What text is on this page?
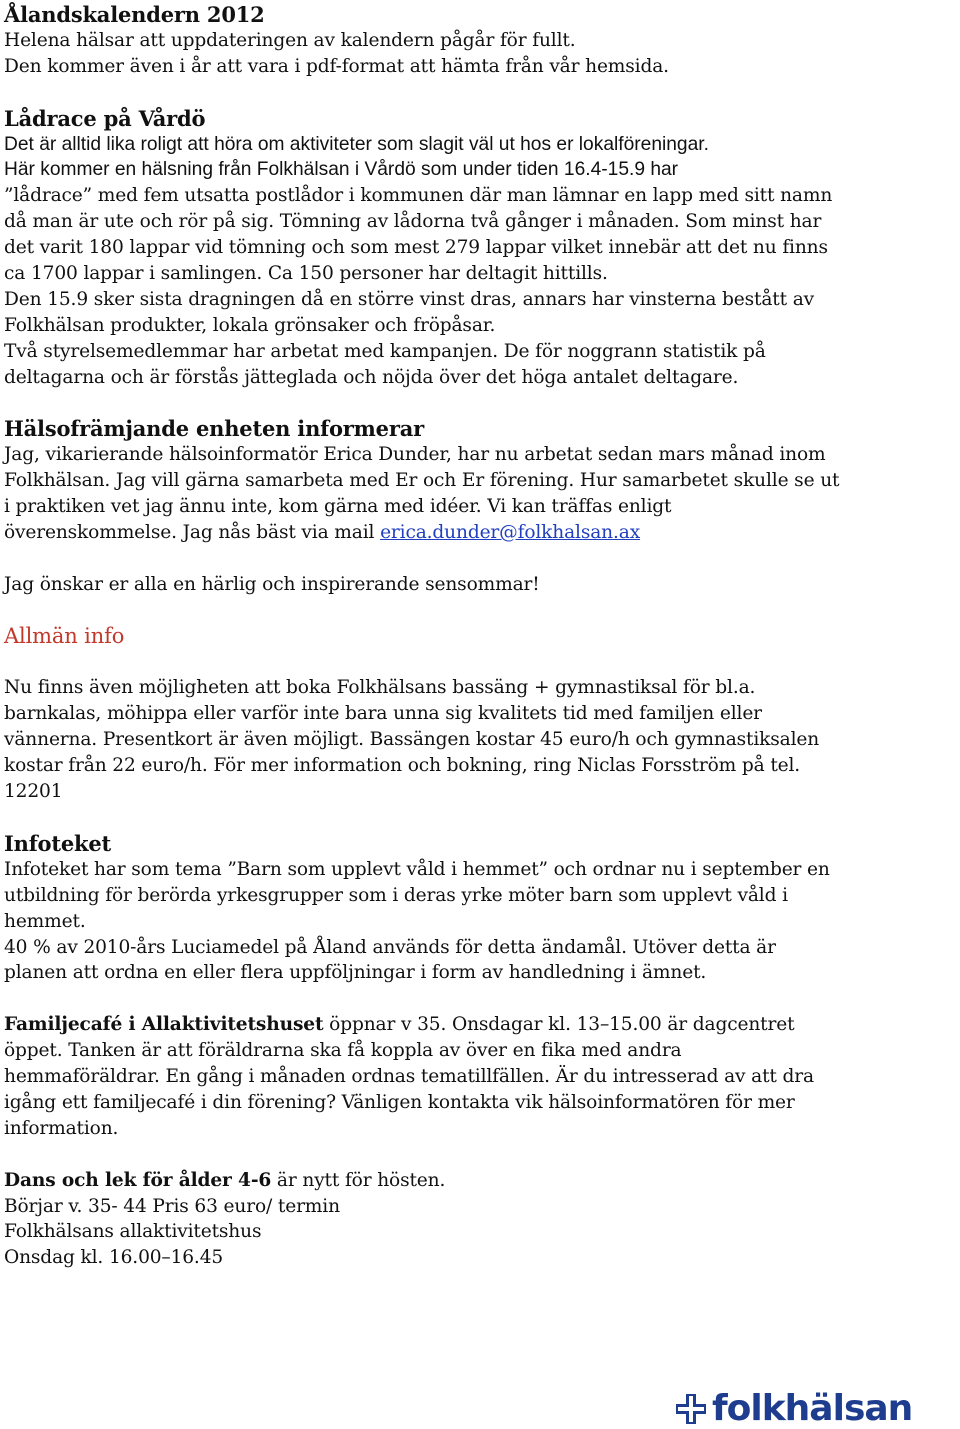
Ålandskalendern 2012
Helena hälsar att uppdateringen av kalendern pågår för fullt.
Den kommer även i år att vara i pdf-format att hämta från vår hemsida.
Lådrace på Vårdö
Det är alltid lika roligt att höra om aktiviteter som slagit väl ut hos er lokalföreningar.
Här kommer en hälsning från Folkhälsan i Vårdö som under tiden 16.4-15.9 har
”lådrace” med fem utsatta postlådor i kommunen där man lämnar en lapp med sitt namn
då man är ute och rör på sig. Tömning av lådorna två gånger i månaden. Som minst har
det varit 180 lappar vid tömning och som mest 279 lappar vilket innebär att det nu finns
ca 1700 lappar i samlingen. Ca 150 personer har deltagit hittills.
Den 15.9 sker sista dragningen då en större vinst dras, annars har vinsterna bestått av
Folkhälsan produkter, lokala grönsaker och fröpåsar.
Två styrelsemedlemmar har arbetat med kampanjen. De för noggrann statistik på
deltagarna och är förstås jätteglada och nöjda över det höga antalet deltagare.
Hälsofrämjande enheten informerar
Jag, vikarierande hälsoinformatör Erica Dunder, har nu arbetat sedan mars månad inom
Folkhälsan. Jag vill gärna samarbeta med Er och Er förening. Hur samarbetet skulle se ut
i praktiken vet jag ännu inte, kom gärna med idéer. Vi kan träffas enligt
överenskommelse. Jag nås bäst via mail erica.dunder@folkhalsan.ax
Jag önskar er alla en härlig och inspirerande sensommar!
Allmän info
Nu finns även möjligheten att boka Folkhälsans bassäng + gymnastiksal för bl.a.
barnkalas, möhippa eller varför inte bara unna sig kvalitets tid med familjen eller
vännerna. Presentkort är även möjligt. Bassängen kostar 45 euro/h och gymnastiksalen
kostar från 22 euro/h. För mer information och bokning, ring Niclas Forsström på tel.
12201
Infoteket
Infoteket har som tema ”Barn som upplevt våld i hemmet” och ordnar nu i september en
utbildning för berörda yrkesgrupper som i deras yrke möter barn som upplevt våld i
hemmet.
40 % av 2010-års Luciamedel på Åland används för detta ändamål. Utöver detta är
planen att ordna en eller flera uppföljningar i form av handledning i ämnet.
Familjecafé i Allaktivitetshuset öppnar v 35. Onsdagar kl. 13–15.00 är dagcentret
öppet. Tanken är att föräldrarna ska få koppla av över en fika med andra
hemmaföräldrar. En gång i månaden ordnas tematillfällen. Är du intresserad av att dra
igång ett familjecafé i din förening? Vänligen kontakta vik hälsoinformatören för mer
information.
Dans och lek för ålder 4-6 är nytt för hösten.
Börjar v. 35- 44 Pris 63 euro/ termin
Folkhälsans allaktivitetshus
Onsdag kl. 16.00–16.45
folkhälsan
